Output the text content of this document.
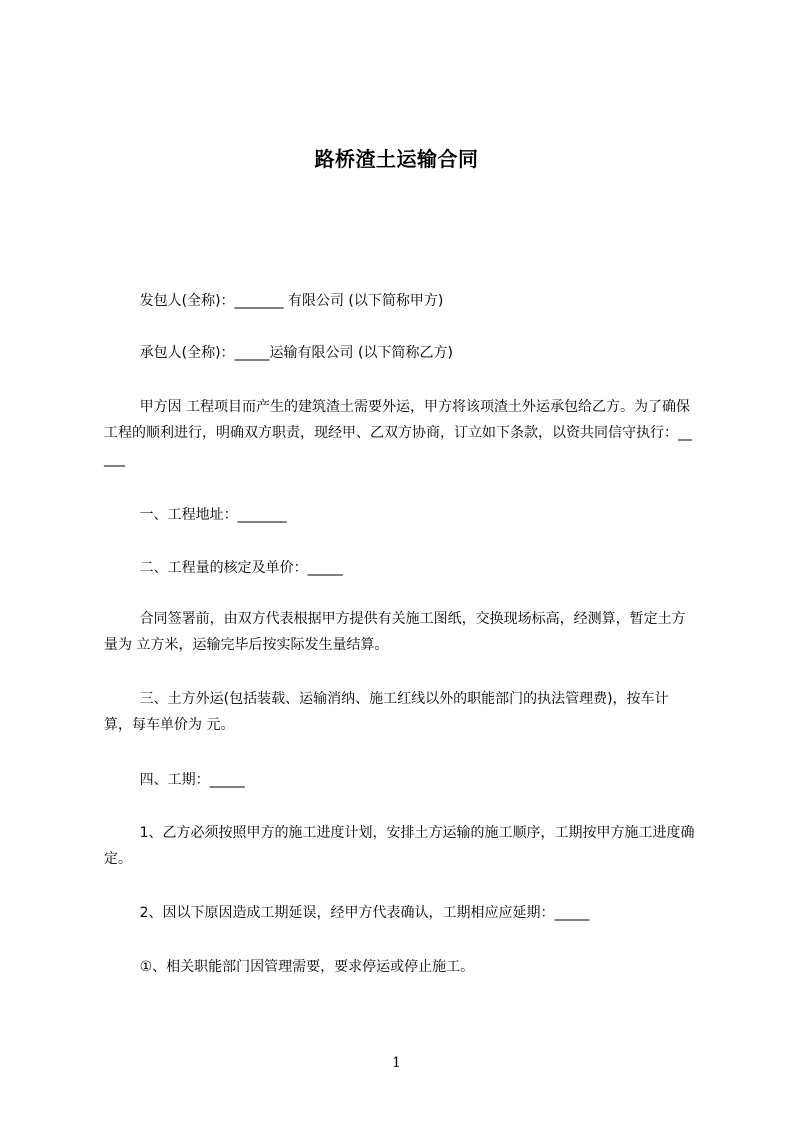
路桥渣土运输合同
发包人(全称)：_______ 有限公司 (以下简称甲方)
承包人(全称)：_____运输有限公司 (以下简称乙方)
甲方因 工程项目而产生的建筑渣土需要外运，甲方将该项渣土外运承包给乙方。为了确保工程的顺利进行，明确双方职责，现经甲、乙双方协商，订立如下条款，以资共同信守执行：_____
一、工程地址：_______
二、工程量的核定及单价：_____
合同签署前，由双方代表根据甲方提供有关施工图纸，交换现场标高，经测算，暂定土方量为 立方米，运输完毕后按实际发生量结算。
三、土方外运(包括装载、运输消纳、施工红线以外的职能部门的执法管理费)，按车计算，每车单价为 元。
四、工期：_____
1、乙方必须按照甲方的施工进度计划，安排土方运输的施工顺序，工期按甲方施工进度确定。
2、因以下原因造成工期延误，经甲方代表确认，工期相应应延期：_____
①、相关职能部门因管理需要，要求停运或停止施工。
1
